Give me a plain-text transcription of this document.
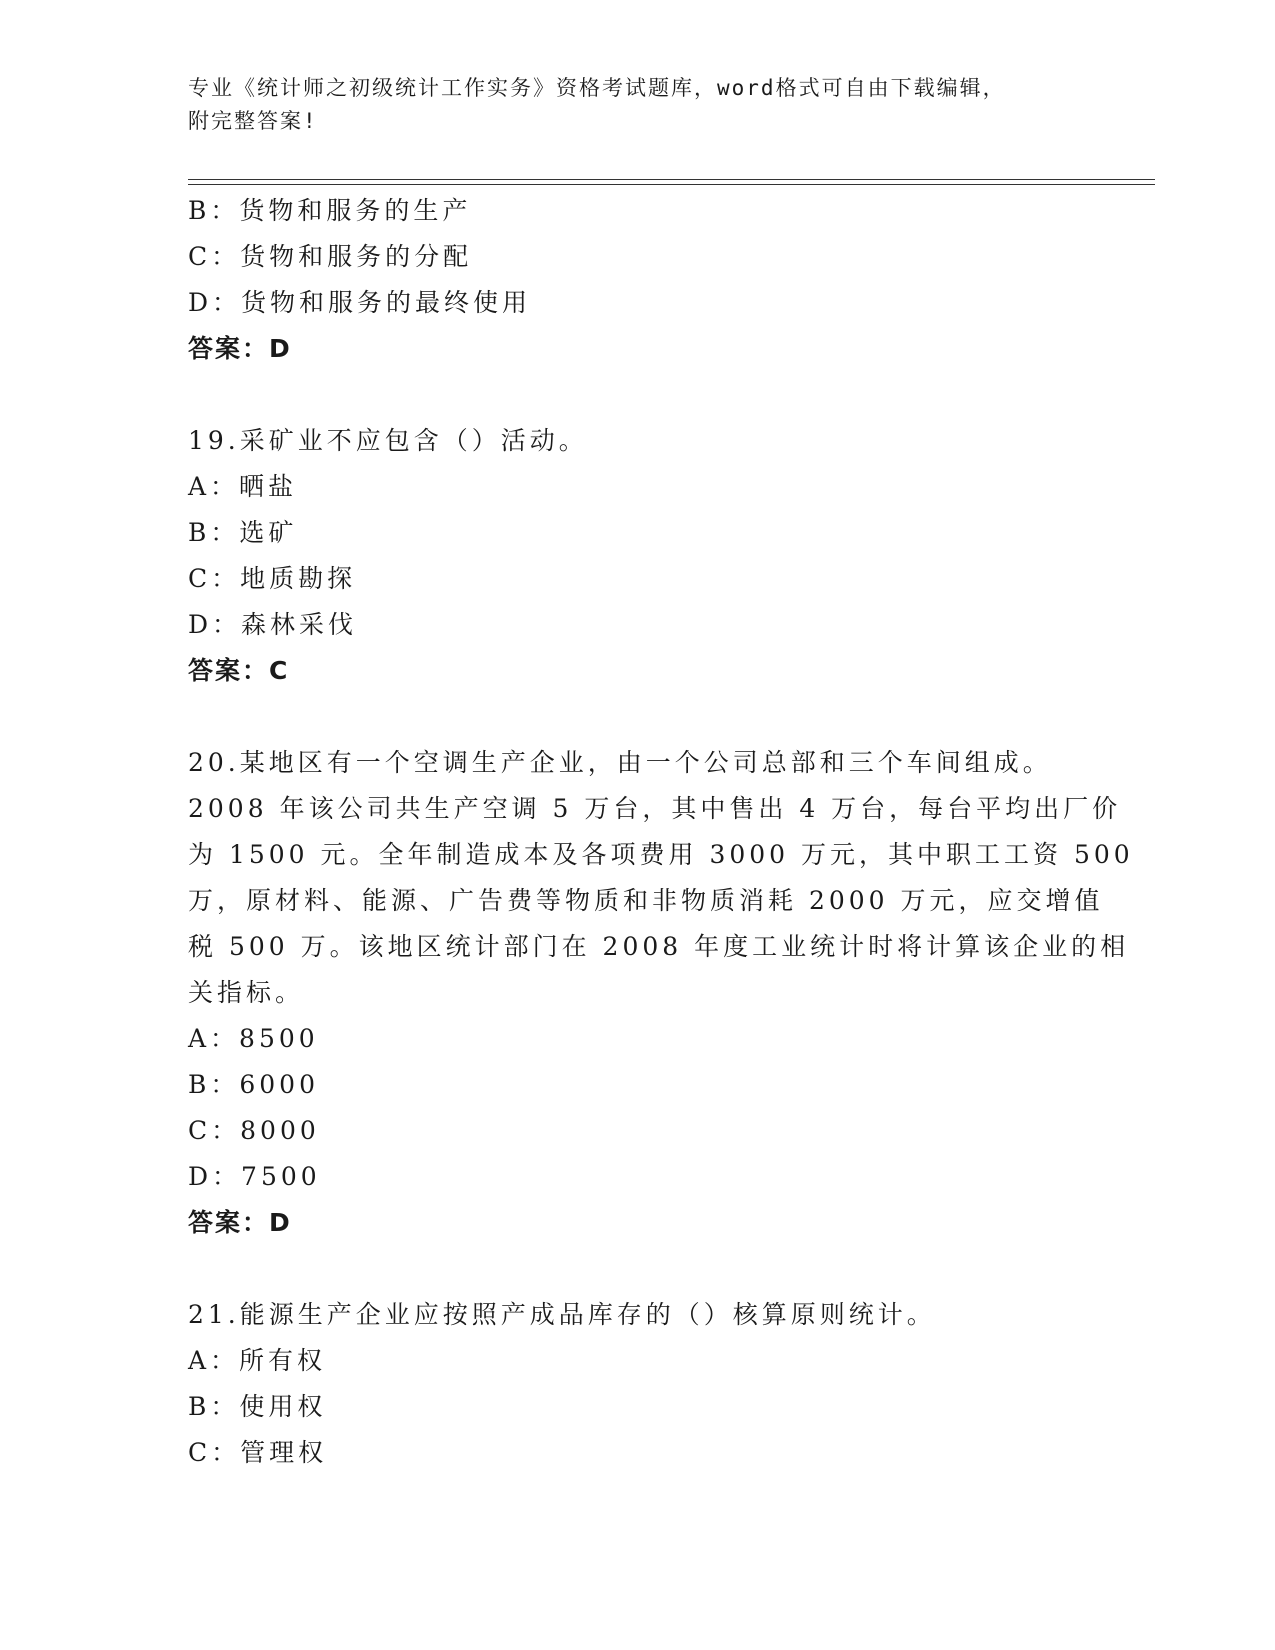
专业《统计师之初级统计工作实务》资格考试题库，word格式可自由下载编辑，
附完整答案!
B：货物和服务的生产
C：货物和服务的分配
D：货物和服务的最终使用
答案：D
19.采矿业不应包含（）活动。
A：晒盐
B：选矿
C：地质勘探
D：森林采伐
答案：C
20.某地区有一个空调生产企业，由一个公司总部和三个车间组成。
2008 年该公司共生产空调 5 万台，其中售出 4 万台，每台平均出厂价
为 1500 元。全年制造成本及各项费用 3000 万元，其中职工工资 500
万，原材料、能源、广告费等物质和非物质消耗 2000 万元，应交增值
税 500 万。该地区统计部门在 2008 年度工业统计时将计算该企业的相
关指标。
A：8500
B：6000
C：8000
D：7500
答案：D
21.能源生产企业应按照产成品库存的（）核算原则统计。
A：所有权
B：使用权
C：管理权
